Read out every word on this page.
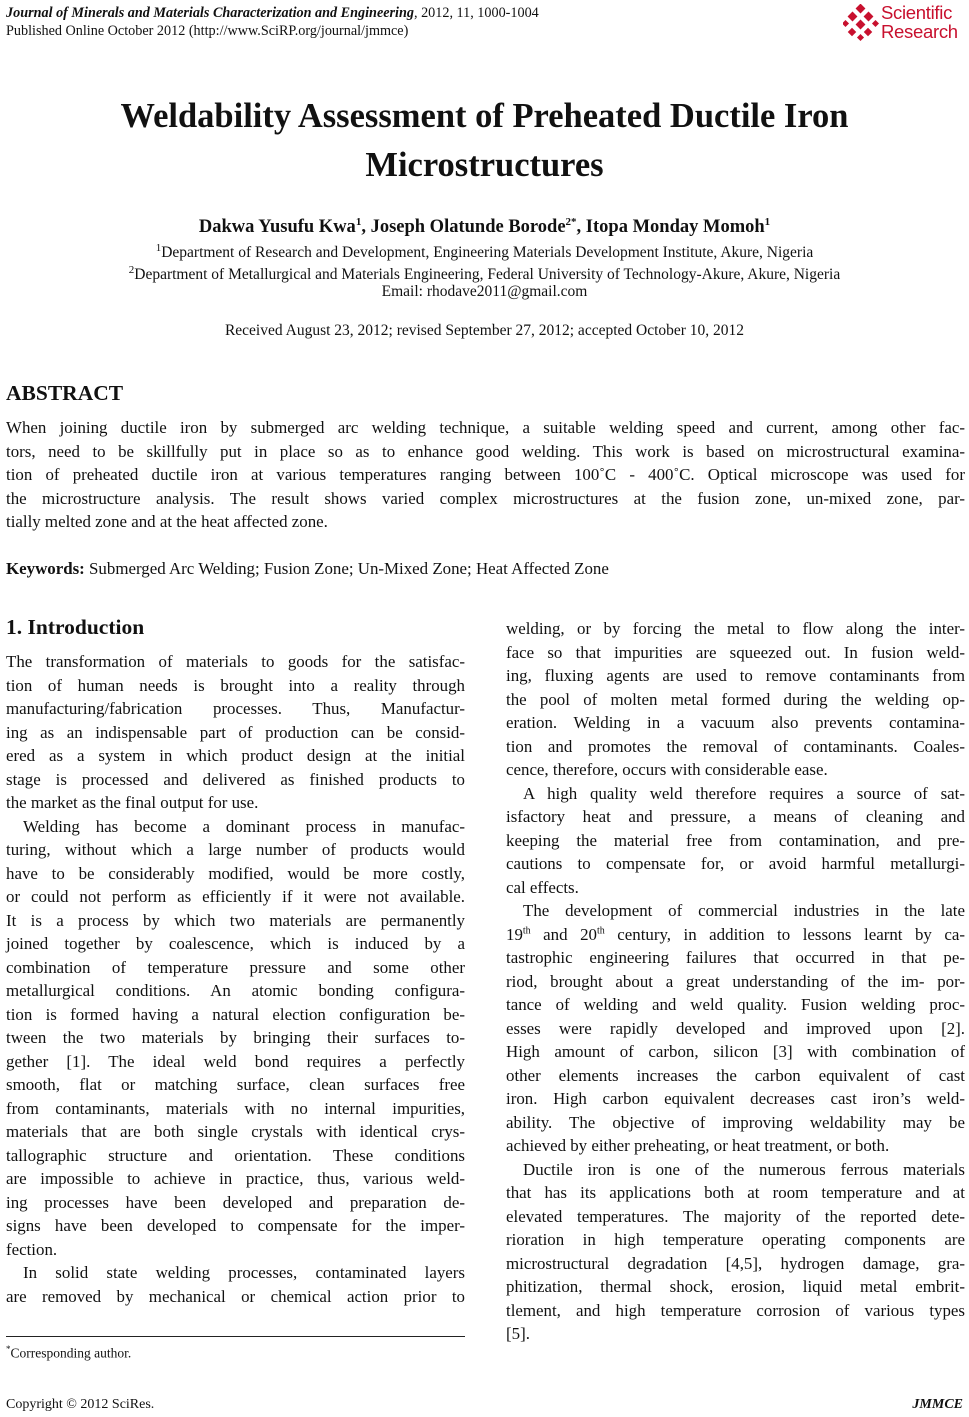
Journal of Minerals and Materials Characterization and Engineering, 2012, 11, 1000-1004
Published Online October 2012 (http://www.SciRP.org/journal/jmmce)
Scientific
Research
Weldability Assessment of Preheated Ductile Iron
Microstructures
Dakwa Yusufu Kwa$^1$, Joseph Olatunde Borode$^{2*}$, Itopa Monday Momoh$^1$
$^1$Department of Research and Development, Engineering Materials Development Institute, Akure, Nigeria
$^2$Department of Metallurgical and Materials Engineering, Federal University of Technology-Akure, Akure, Nigeria
Email: rhodave2011@gmail.com
Received August 23, 2012; revised September 27, 2012; accepted October 10, 2012
ABSTRACT
When joining ductile iron by submerged arc welding technique, a suitable welding speed and current, among other fac-
tors, need to be skillfully put in place so as to enhance good welding. This work is based on microstructural examina-
tion of preheated ductile iron at various temperatures ranging between 100˚C - 400˚C. Optical microscope was used for
the microstructure analysis. The result shows varied complex microstructures at the fusion zone, un-mixed zone, par-
tially melted zone and at the heat affected zone.
Keywords: Submerged Arc Welding; Fusion Zone; Un-Mixed Zone; Heat Affected Zone
1. Introduction
The transformation of materials to goods for the satisfac-
tion of human needs is brought into a reality through
manufacturing/fabrication processes. Thus, Manufactur-
ing as an indispensable part of production can be consid-
ered as a system in which product design at the initial
stage is processed and delivered as finished products to
the market as the final output for use.
Welding has become a dominant process in manufac-
turing, without which a large number of products would
have to be considerably modified, would be more costly,
or could not perform as efficiently if it were not available.
It is a process by which two materials are permanently
joined together by coalescence, which is induced by a
combination of temperature pressure and some other
metallurgical conditions. An atomic bonding configura-
tion is formed having a natural election configuration be-
tween the two materials by bringing their surfaces to-
gether [1]. The ideal weld bond requires a perfectly
smooth, flat or matching surface, clean surfaces free
from contaminants, materials with no internal impurities,
materials that are both single crystals with identical crys-
tallographic structure and orientation. These conditions
are impossible to achieve in practice, thus, various weld-
ing processes have been developed and preparation de-
signs have been developed to compensate for the imper-
fection.
In solid state welding processes, contaminated layers
are removed by mechanical or chemical action prior to
welding, or by forcing the metal to flow along the inter-
face so that impurities are squeezed out. In fusion weld-
ing, fluxing agents are used to remove contaminants from
the pool of molten metal formed during the welding op-
eration. Welding in a vacuum also prevents contamina-
tion and promotes the removal of contaminants. Coales-
cence, therefore, occurs with considerable ease.
A high quality weld therefore requires a source of sat-
isfactory heat and pressure, a means of cleaning and
keeping the material free from contamination, and pre-
cautions to compensate for, or avoid harmful metallurgi-
cal effects.
The development of commercial industries in the late
19th and 20th century, in addition to lessons learnt by ca-
tastrophic engineering failures that occurred in that pe-
riod, brought about a great understanding of the im- por-
tance of welding and weld quality. Fusion welding proc-
esses were rapidly developed and improved upon [2].
High amount of carbon, silicon [3] with combination of
other elements increases the carbon equivalent of cast
iron. High carbon equivalent decreases cast iron’s weld-
ability. The objective of improving weldability may be
achieved by either preheating, or heat treatment, or both.
Ductile iron is one of the numerous ferrous materials
that has its applications both at room temperature and at
elevated temperatures. The majority of the reported dete-
rioration in high temperature operating components are
microstructural degradation [4,5], hydrogen damage, gra-
phitization, thermal shock, erosion, liquid metal embrit-
tlement, and high temperature corrosion of various types
[5].
*Corresponding author.
Copyright © 2012 SciRes.	JMMCE
